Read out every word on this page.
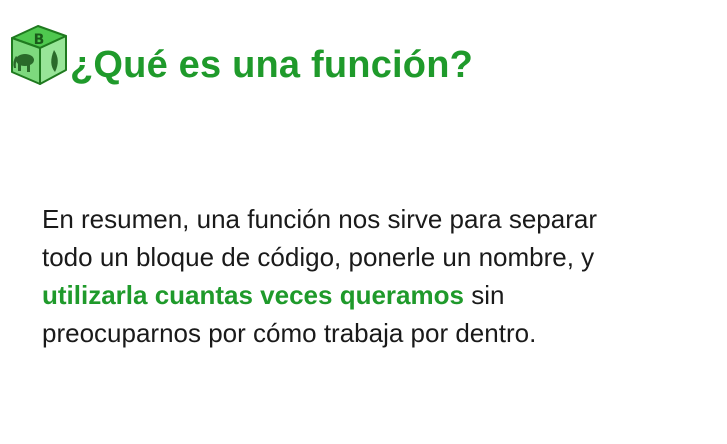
B
¿Qué es una función?

En resumen, una función nos sirve para separar
todo un bloque de código, ponerle un nombre, y
utilizarla cuantas veces queramos sin
preocuparnos por cómo trabaja por dentro.
